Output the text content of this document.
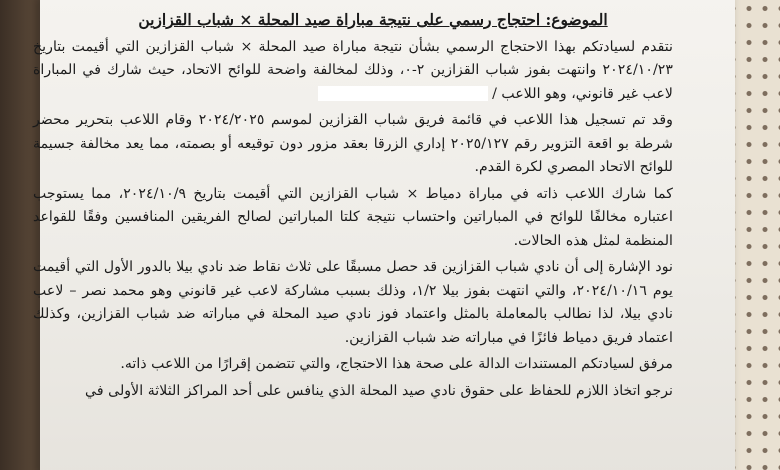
الموضوع: احتجاج رسمي على نتيجة مباراة صيد المحلة × شباب القزازين

نتقدم لسيادتكم بهذا الاحتجاج الرسمي بشأن نتيجة مباراة صيد المحلة × شباب القزازين التي أقيمت بتاريخ ٢٠٢٤/١٠/٢٣ وانتهت بفوز شباب القزازين ٢-٠، وذلك لمخالفة واضحة للوائح الاتحاد، حيث شارك في المباراة لاعب غير قانوني، وهو اللاعب /

وقد تم تسجيل هذا اللاعب في قائمة فريق شباب القزازين لموسم ٢٠٢٤/٢٠٢٥ وقام اللاعب بتحرير محضر شرطة بو اقعة التزوير رقم ٢٠٢٥/١٢٧ إداري الزرقا بعقد مزور دون توقيعه أو بصمته، مما يعد مخالفة جسيمة للوائح الاتحاد المصري لكرة القدم.

كما شارك اللاعب ذاته في مباراة دمياط × شباب القزازين التي أقيمت بتاريخ ٢٠٢٤/١٠/٩، مما يستوجب اعتباره مخالفًا للوائح في المباراتين واحتساب نتيجة كلتا المباراتين لصالح الفريقين المنافسين وفقًا للقواعد المنظمة لمثل هذه الحالات.

نود الإشارة إلى أن نادي شباب القزازين قد حصل مسبقًا على ثلاث نقاط ضد نادي بيلا بالدور الأول التي أقيمت يوم ٢٠٢٤/١٠/١٦، والتي انتهت بفوز بيلا ١/٢، وذلك بسبب مشاركة لاعب غير قانوني وهو محمد نصر – لاعب نادي بيلا، لذا نطالب بالمعاملة بالمثل واعتماد فوز نادي صيد المحلة في مباراته ضد شباب القزازين، وكذلك اعتماد فريق دمياط فائزًا في مباراته ضد شباب القزازين.

مرفق لسيادتكم المستندات الدالة على صحة هذا الاحتجاج، والتي تتضمن إقرارًا من اللاعب ذاته.

نرجو اتخاذ اللازم للحفاظ على حقوق نادي صيد المحلة الذي ينافس على أحد المراكز الثلاثة الأولى في
